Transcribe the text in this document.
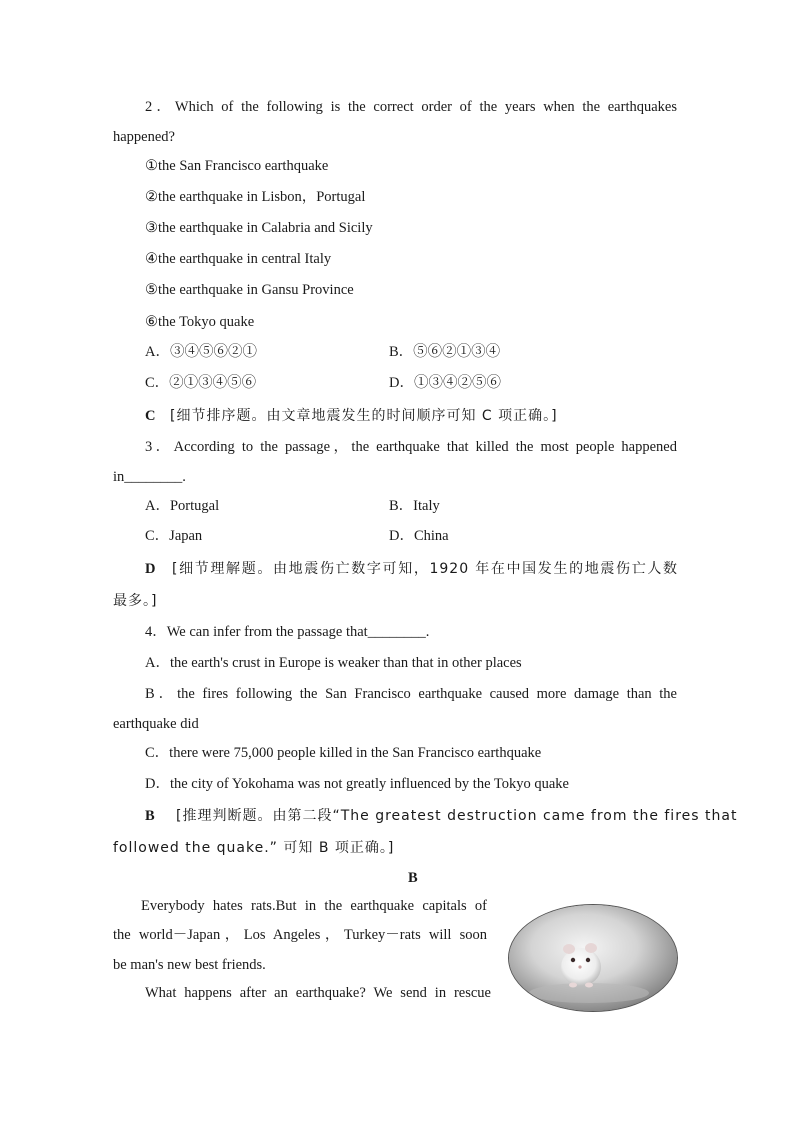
2．Which of the following is the correct order of the years when the earthquakes
happened?
①the San Francisco earthquake
②the earthquake in Lisbon，Portugal
③the earthquake in Calabria and Sicily
④the earthquake in central Italy
⑤the earthquake in Gansu Province
⑥the Tokyo quake
A．③④⑤⑥②①	B．⑤⑥②①③④
C．②①③④⑤⑥	D．①③④②⑤⑥
C [细节排序题。由文章地震发生的时间顺序可知 C 项正确。]
3．According to the passage，the earthquake that killed the most people happened
in________.
A．Portugal	B．Italy
C．Japan	D．China
D [细节理解题。由地震伤亡数字可知，1920 年在中国发生的地震伤亡人数
最多。]
4．We can infer from the passage that________.
A．the earth's crust in Europe is weaker than that in other places
B．the fires following the San Francisco earthquake caused more damage than the
earthquake did
C．there were 75,000 people killed in the San Francisco earthquake
D．the city of Yokohama was not greatly influenced by the Tokyo quake
B [推理判断题。由第二段“The greatest destruction came from the fires that
followed the quake.” 可知 B 项正确。]
B
Everybody hates rats.But in the earthquake capitals of
the world－Japan，Los Angeles，Turkey－rats will soon
be man's new best friends.
What happens after an earthquake? We send in rescue
